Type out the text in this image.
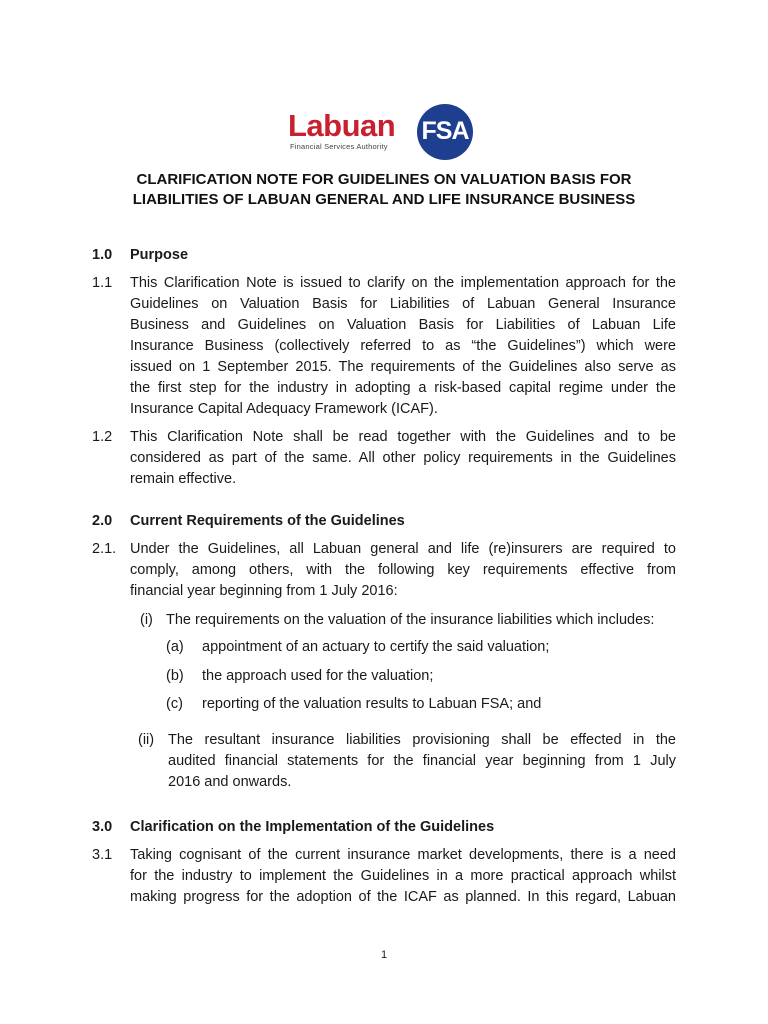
Labuan FSA
Financial Services Authority
CLARIFICATION NOTE FOR GUIDELINES ON VALUATION BASIS FOR
LIABILITIES OF LABUAN GENERAL AND LIFE INSURANCE BUSINESS
1.0 Purpose
1.1 This Clarification Note is issued to clarify on the implementation approach for the
Guidelines on Valuation Basis for Liabilities of Labuan General Insurance
Business and Guidelines on Valuation Basis for Liabilities of Labuan Life
Insurance Business (collectively referred to as “the Guidelines”) which were
issued on 1 September 2015. The requirements of the Guidelines also serve as
the first step for the industry in adopting a risk-based capital regime under the
Insurance Capital Adequacy Framework (ICAF).
1.2 This Clarification Note shall be read together with the Guidelines and to be
considered as part of the same. All other policy requirements in the Guidelines
remain effective.
2.0 Current Requirements of the Guidelines
2.1. Under the Guidelines, all Labuan general and life (re)insurers are required to
comply, among others, with the following key requirements effective from
financial year beginning from 1 July 2016:
(i) The requirements on the valuation of the insurance liabilities which includes:
(a) appointment of an actuary to certify the said valuation;
(b) the approach used for the valuation;
(c) reporting of the valuation results to Labuan FSA; and
(ii) The resultant insurance liabilities provisioning shall be effected in the
audited financial statements for the financial year beginning from 1 July
2016 and onwards.
3.0 Clarification on the Implementation of the Guidelines
3.1 Taking cognisant of the current insurance market developments, there is a need
for the industry to implement the Guidelines in a more practical approach whilst
making progress for the adoption of the ICAF as planned. In this regard, Labuan
1
